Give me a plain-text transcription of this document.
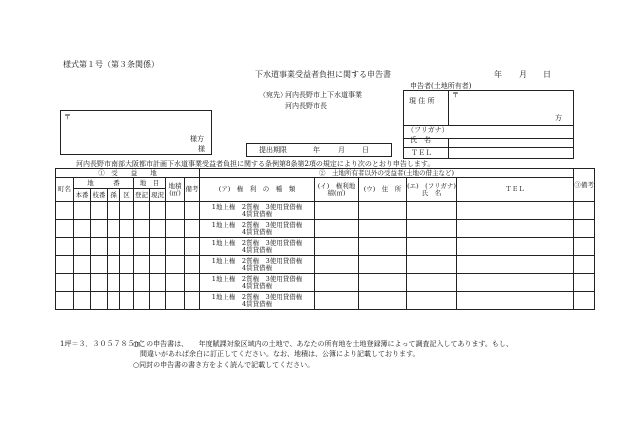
様式第１号（第３条関係）
下水道事業受益者負担に関する申告書	年 月 日
申告者(土地所有者)
（宛先）
河内長野市上下水道事業
河内長野市長
現 住 所
〒
方
（フリガナ）
氏　名
ＴＥＬ
〒
様方
様	提出期限	年	月 日
河内長野市南部大阪都市計画下水道事業受益者負担に関する条例第8条第2項の規定により次のとおり申告します。
①　受　　益　　地									②　土地所有者以外の受益者(土地の借主など)					③備考
町名	地　　　番				地　目		地積(㎡)	備考	(ア)　権　利　の　種　類	(イ)　権利地積(㎡)	(ウ)　住　所	(エ)　(フリガナ)　氏　名	ＴＥＬ	
	本番	枝番	孫	区	登記	現況								

									1地上権　2質権　3使用貸借権
4賃貸借権					

									1地上権　2質権　3使用貸借権
4賃貸借権					

									1地上権　2質権　3使用貸借権
4賃貸借権					

									1地上権　2質権　3使用貸借権
4賃貸借権					

									1地上権　2質権　3使用貸借権
4賃貸借権					

									1地上権　2質権　3使用貸借権
4賃貸借権					

1坪＝３．３０５７８５㎡
○この申告書は、　　年度賦課対象区域内の土地で、あなたの所有地を土地登録簿によって調査記入してあります。もし、
間違いがあれば余白に訂正してください。なお、地積は、公簿により記載しております。
○同封の申告書の書き方をよく読んで記載してください。
